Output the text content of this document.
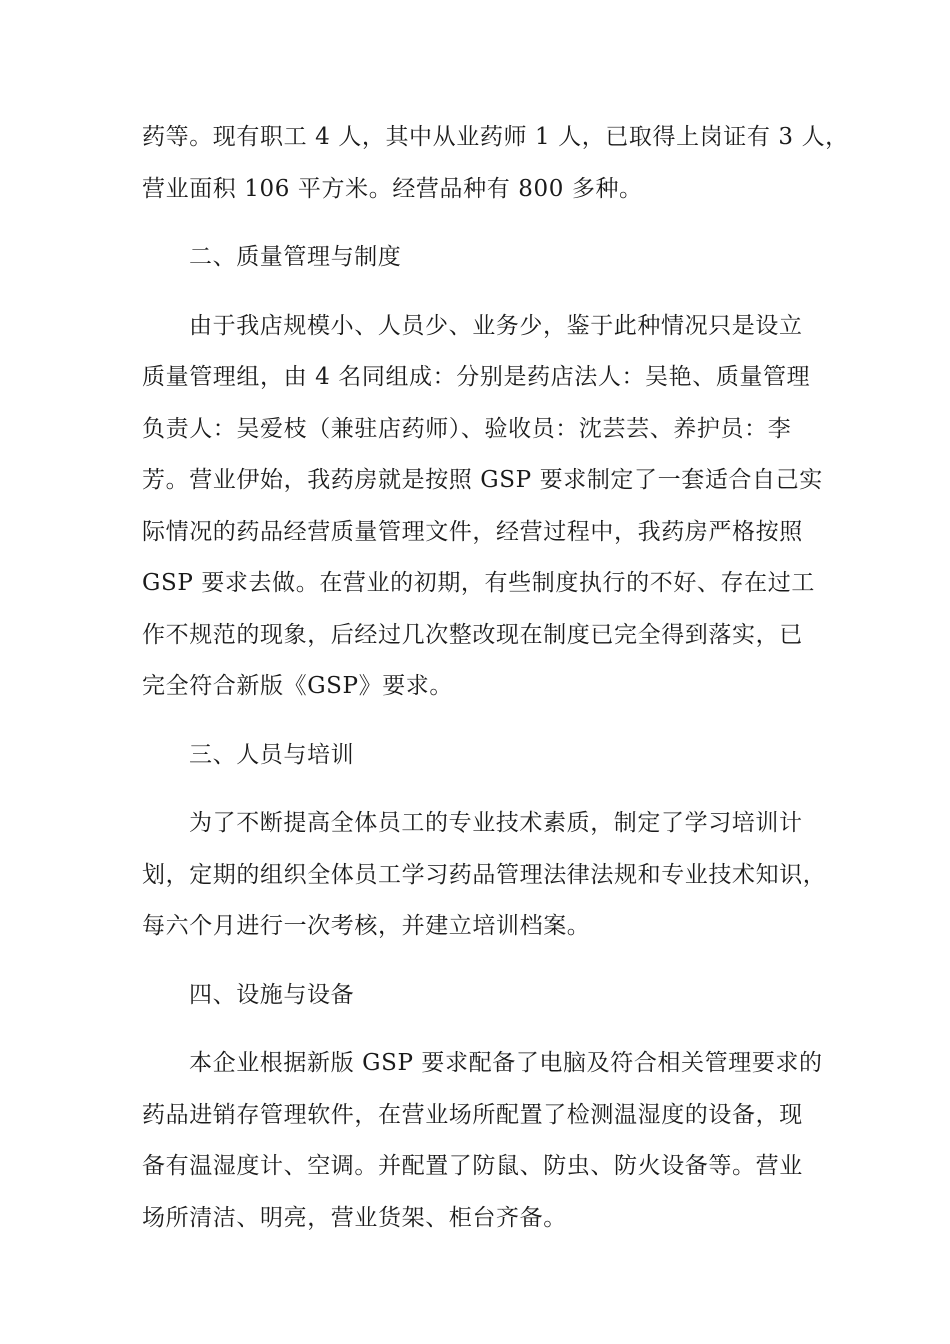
药等。现有职工 4 人，其中从业药师 1 人，已取得上岗证有 3 人，
营业面积 106 平方米。经营品种有 800 多种。
二、质量管理与制度
由于我店规模小、人员少、业务少，鉴于此种情况只是设立
质量管理组，由 4 名同组成：分别是药店法人：吴艳、质量管理
负责人：吴爱枝（兼驻店药师）、验收员：沈芸芸、养护员：李
芳。营业伊始，我药房就是按照 GSP 要求制定了一套适合自己实
际情况的药品经营质量管理文件，经营过程中，我药房严格按照
GSP 要求去做。在营业的初期，有些制度执行的不好、存在过工
作不规范的现象，后经过几次整改现在制度已完全得到落实，已
完全符合新版《GSP》要求。
三、人员与培训
为了不断提高全体员工的专业技术素质，制定了学习培训计
划，定期的组织全体员工学习药品管理法律法规和专业技术知识，
每六个月进行一次考核，并建立培训档案。
四、设施与设备
本企业根据新版 GSP 要求配备了电脑及符合相关管理要求的
药品进销存管理软件，在营业场所配置了检测温湿度的设备，现
备有温湿度计、空调。并配置了防鼠、防虫、防火设备等。营业
场所清洁、明亮，营业货架、柜台齐备。
